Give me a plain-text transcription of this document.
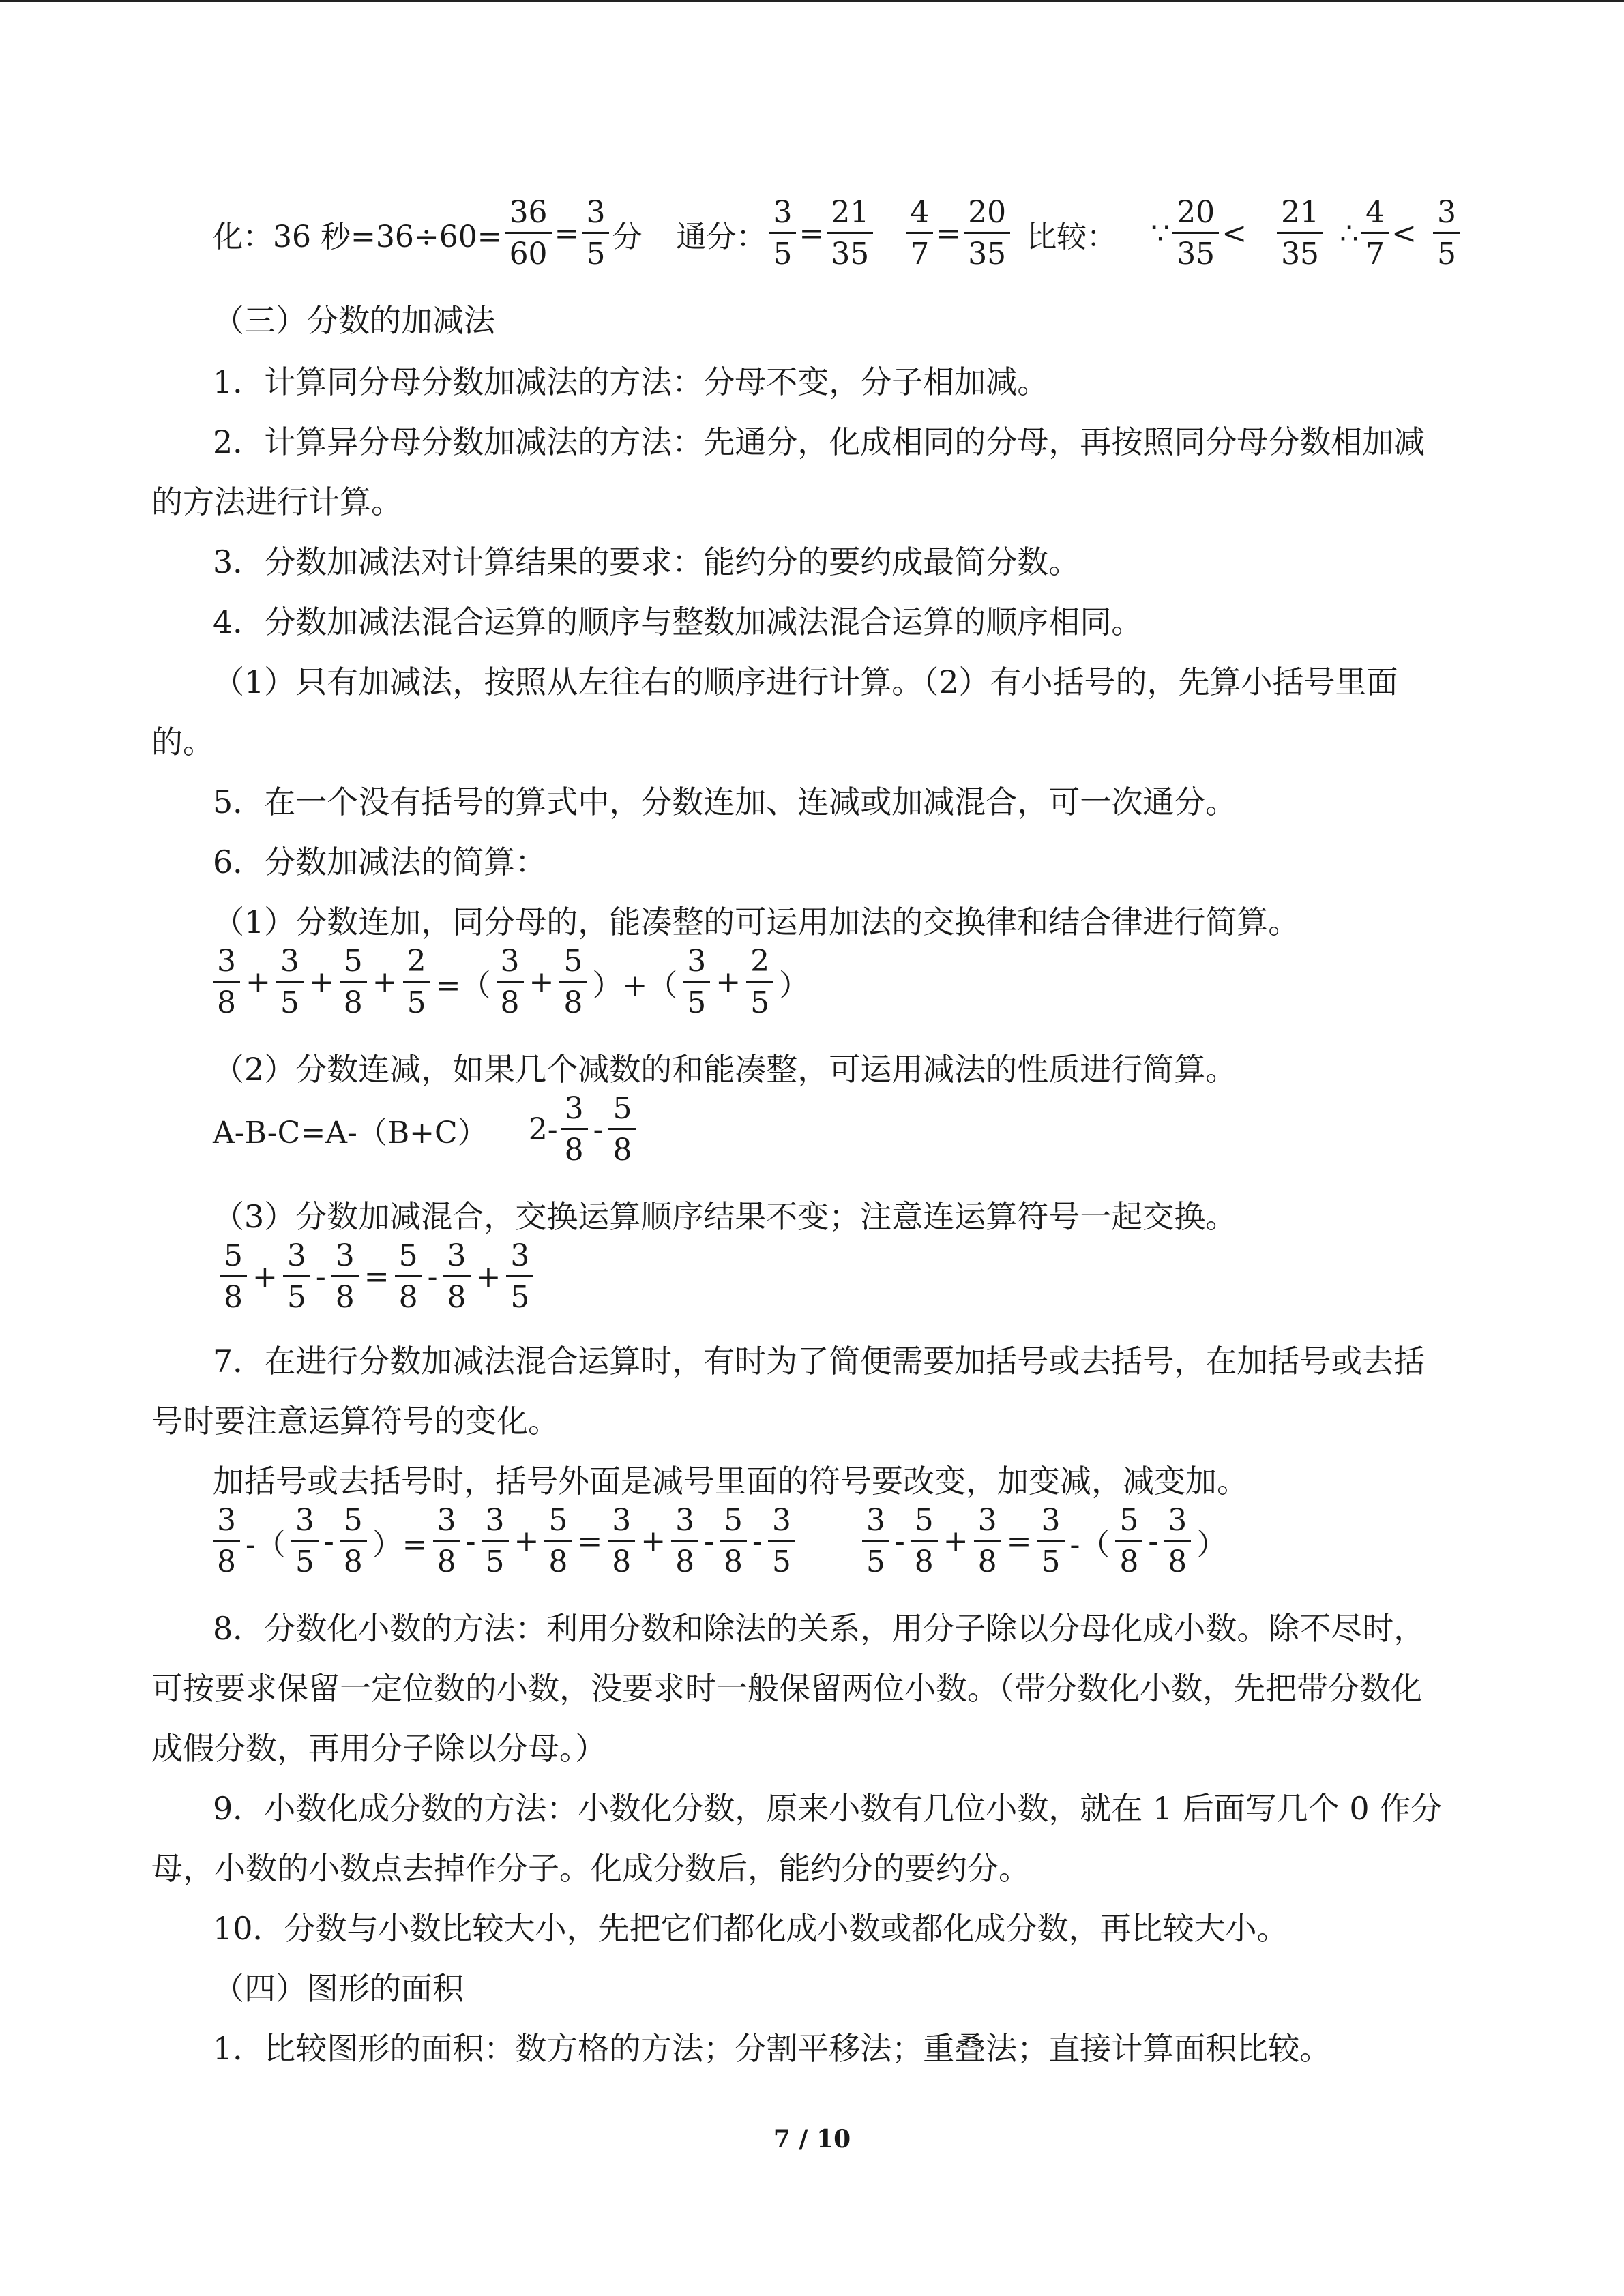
化：36 秒$=36\div 60= \frac{36}{60} = \frac{3}{5}$ 分 通分： $\frac{3}{5} = \frac{21}{35} \frac{4}{7} = \frac{20}{35}$ 比较： ∵
20
35
<
21
35
∴
4
7
<
3
5
（三）分数的加减法
1．计算同分母分数加减法的方法：分母不变，分子相加减。
2．计算异分母分数加减法的方法：先通分，化成相同的分母，再按照同分母分数相加减
的方法进行计算。
3．分数加减法对计算结果的要求：能约分的要约成最简分数。
4．分数加减法混合运算的顺序与整数加减法混合运算的顺序相同。
（1）只有加减法，按照从左往右的顺序进行计算。（2）有小括号的，先算小括号里面
的。
5．在一个没有括号的算式中，分数连加、连减或加减混合，可一次通分。
6．分数加减法的简算：
（1）分数连加，同分母的，能凑整的可运用加法的交换律和结合律进行简算。
3
8
+ $\frac{3}{5} + \frac{5}{8} + \frac{2}{5}$ =（
3
8
+ $\frac{5}{8}$ ）+（
3
5
+ $\frac{2}{5}$ ）
（2）分数连减，如果几个减数的和能凑整，可运用减法的性质进行简算。
A-B-C=A-（B+C） 2-
3
8
-
5
8
（3）分数加减混合，交换运算顺序结果不变；注意连运算符号一起交换。
5
8
+ $\frac{3}{5} - \frac{3}{8} = \frac{5}{8}$ -
3
8
+ $\frac{3}{5}$
7．在进行分数加减法混合运算时，有时为了简便需要加括号或去括号，在加括号或去括
号时要注意运算符号的变化。
加括号或去括号时，括号外面是减号里面的符号要改变，加变减，减变加。
3
8 -（
3
5
-
5
8 ）= $\frac{3}{8}$ -
3
5
+ $\frac{5}{8} = \frac{3}{8} + \frac{3}{8}$ -
5
8
-
3
5
3
5
-
5
8
+ $\frac{3}{8} = \frac{3}{5}$ -（
5
8
-
3
8 ）
8．分数化小数的方法：利用分数和除法的关系，用分子除以分母化成小数。除不尽时，
可按要求保留一定位数的小数，没要求时一般保留两位小数。（带分数化小数，先把带分数化
成假分数，再用分子除以分母。）
9．小数化成分数的方法：小数化分数，原来小数有几位小数，就在 1 后面写几个 0 作分
母，小数的小数点去掉作分子。化成分数后，能约分的要约分。
10．分数与小数比较大小，先把它们都化成小数或都化成分数，再比较大小。
（四）图形的面积
1．比较图形的面积：数方格的方法；分割平移法；重叠法；直接计算面积比较。
7 / 10
